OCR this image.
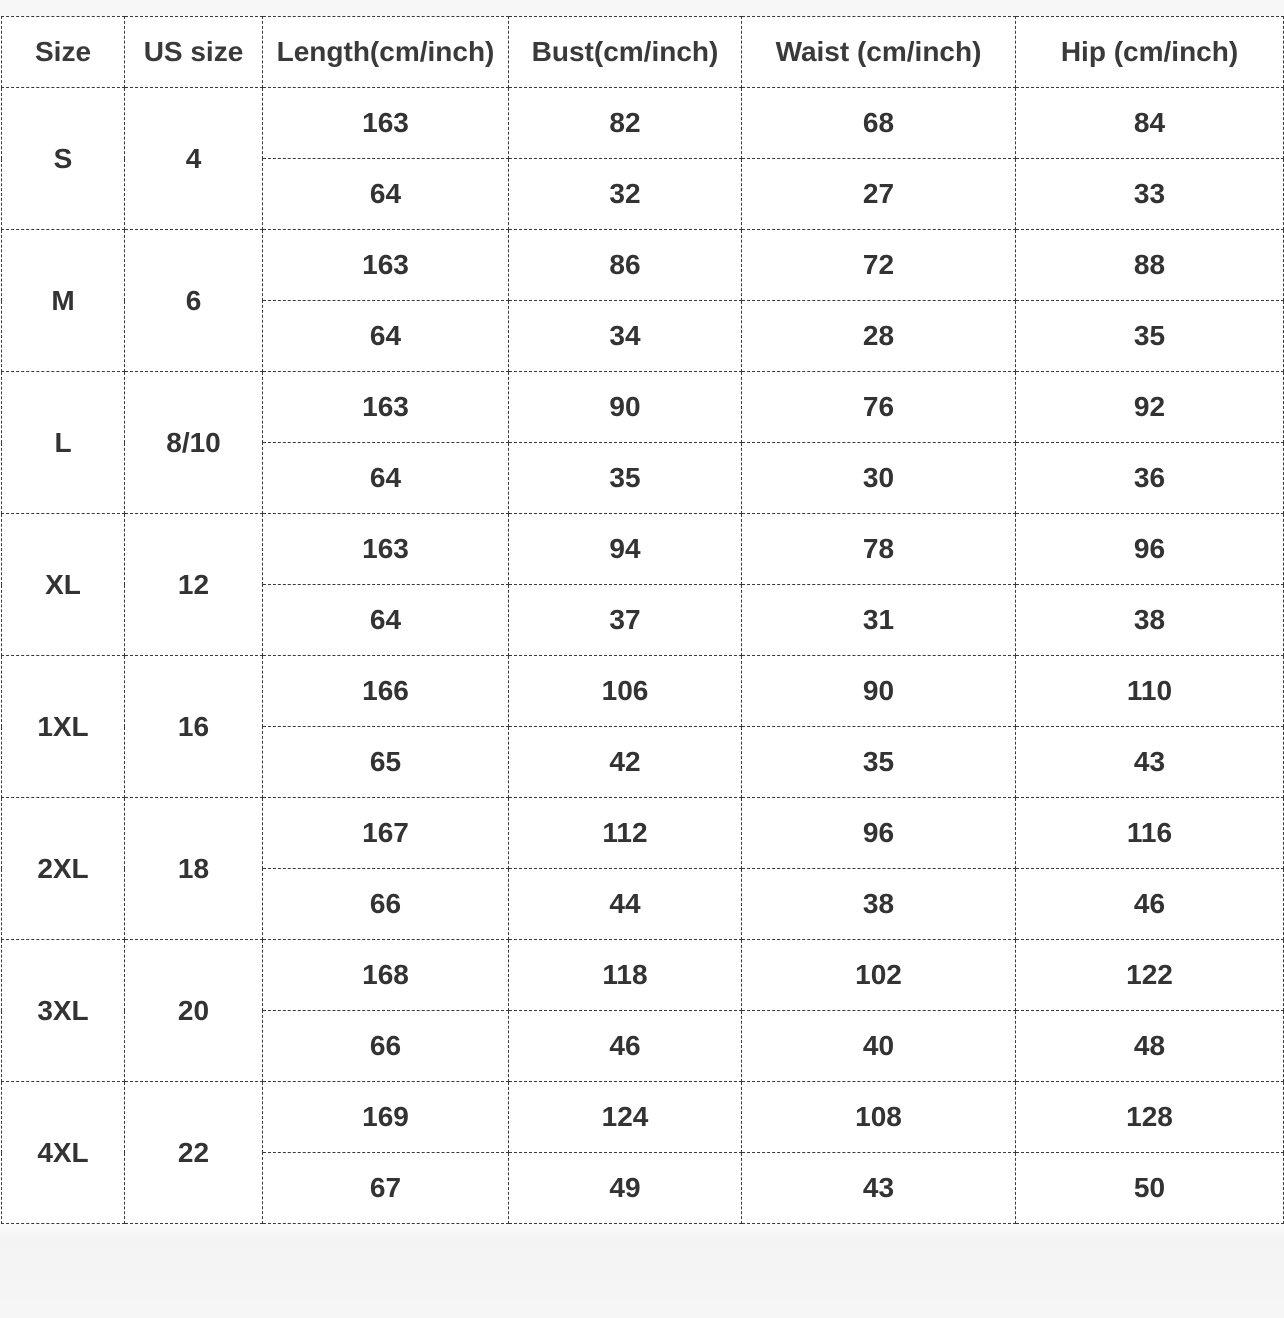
Size	US size	Length(cm/inch)	Bust(cm/inch)	Waist (cm/inch)	Hip (cm/inch)
S	4	163	82	68	84
		64	32	27	33
M	6	163	86	72	88
		64	34	28	35
L	8/10	163	90	76	92
		64	35	30	36
XL	12	163	94	78	96
		64	37	31	38
1XL	16	166	106	90	110
		65	42	35	43
2XL	18	167	112	96	116
		66	44	38	46
3XL	20	168	118	102	122
		66	46	40	48
4XL	22	169	124	108	128
		67	49	43	50
